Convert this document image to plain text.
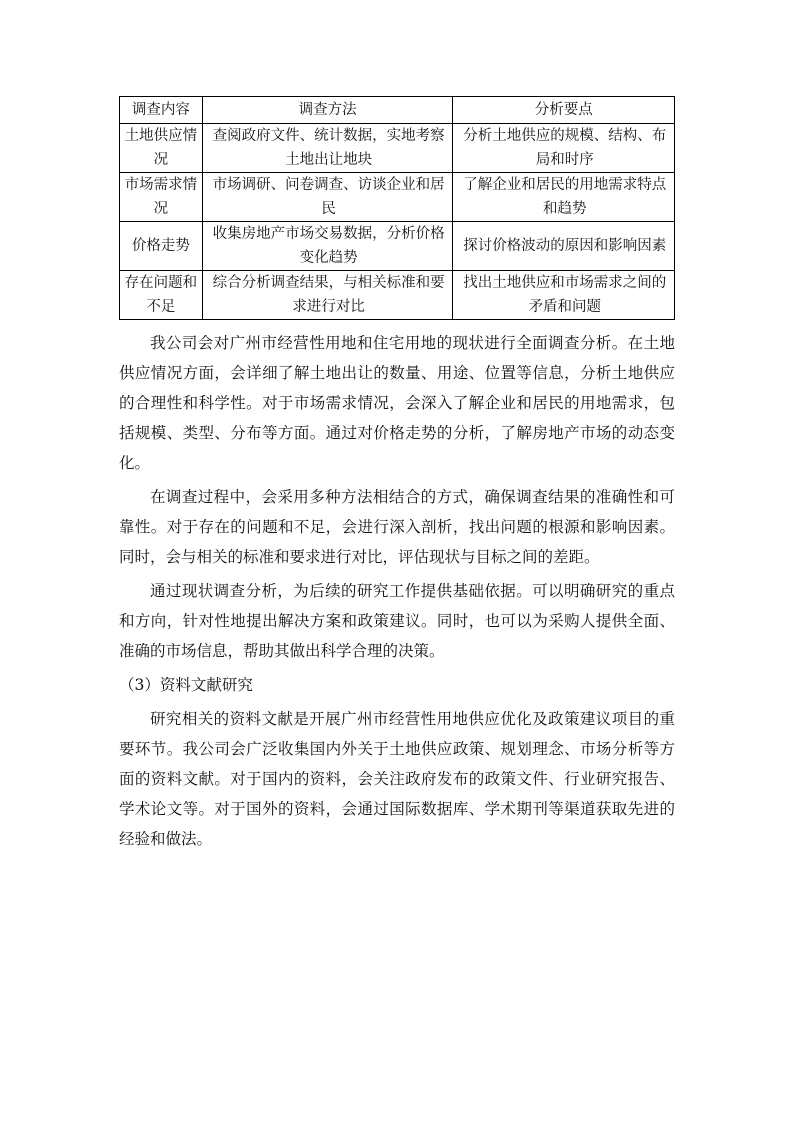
调查内容	调查方法	分析要点
土地供应情况	查阅政府文件、统计数据，实地考察土地出让地块	分析土地供应的规模、结构、布局和时序
市场需求情况	市场调研、问卷调查、访谈企业和居民	了解企业和居民的用地需求特点和趋势
价格走势	收集房地产市场交易数据，分析价格变化趋势	探讨价格波动的原因和影响因素
存在问题和不足	综合分析调查结果，与相关标准和要求进行对比	找出土地供应和市场需求之间的矛盾和问题

我公司会对广州市经营性用地和住宅用地的现状进行全面调查分析。在土地供应情况方面，会详细了解土地出让的数量、用途、位置等信息，分析土地供应的合理性和科学性。对于市场需求情况，会深入了解企业和居民的用地需求，包括规模、类型、分布等方面。通过对价格走势的分析，了解房地产市场的动态变化。

在调查过程中，会采用多种方法相结合的方式，确保调查结果的准确性和可靠性。对于存在的问题和不足，会进行深入剖析，找出问题的根源和影响因素。同时，会与相关的标准和要求进行对比，评估现状与目标之间的差距。

通过现状调查分析，为后续的研究工作提供基础依据。可以明确研究的重点和方向，针对性地提出解决方案和政策建议。同时，也可以为采购人提供全面、准确的市场信息，帮助其做出科学合理的决策。

（3）资料文献研究

研究相关的资料文献是开展广州市经营性用地供应优化及政策建议项目的重要环节。我公司会广泛收集国内外关于土地供应政策、规划理念、市场分析等方面的资料文献。对于国内的资料，会关注政府发布的政策文件、行业研究报告、学术论文等。对于国外的资料，会通过国际数据库、学术期刊等渠道获取先进的经验和做法。
